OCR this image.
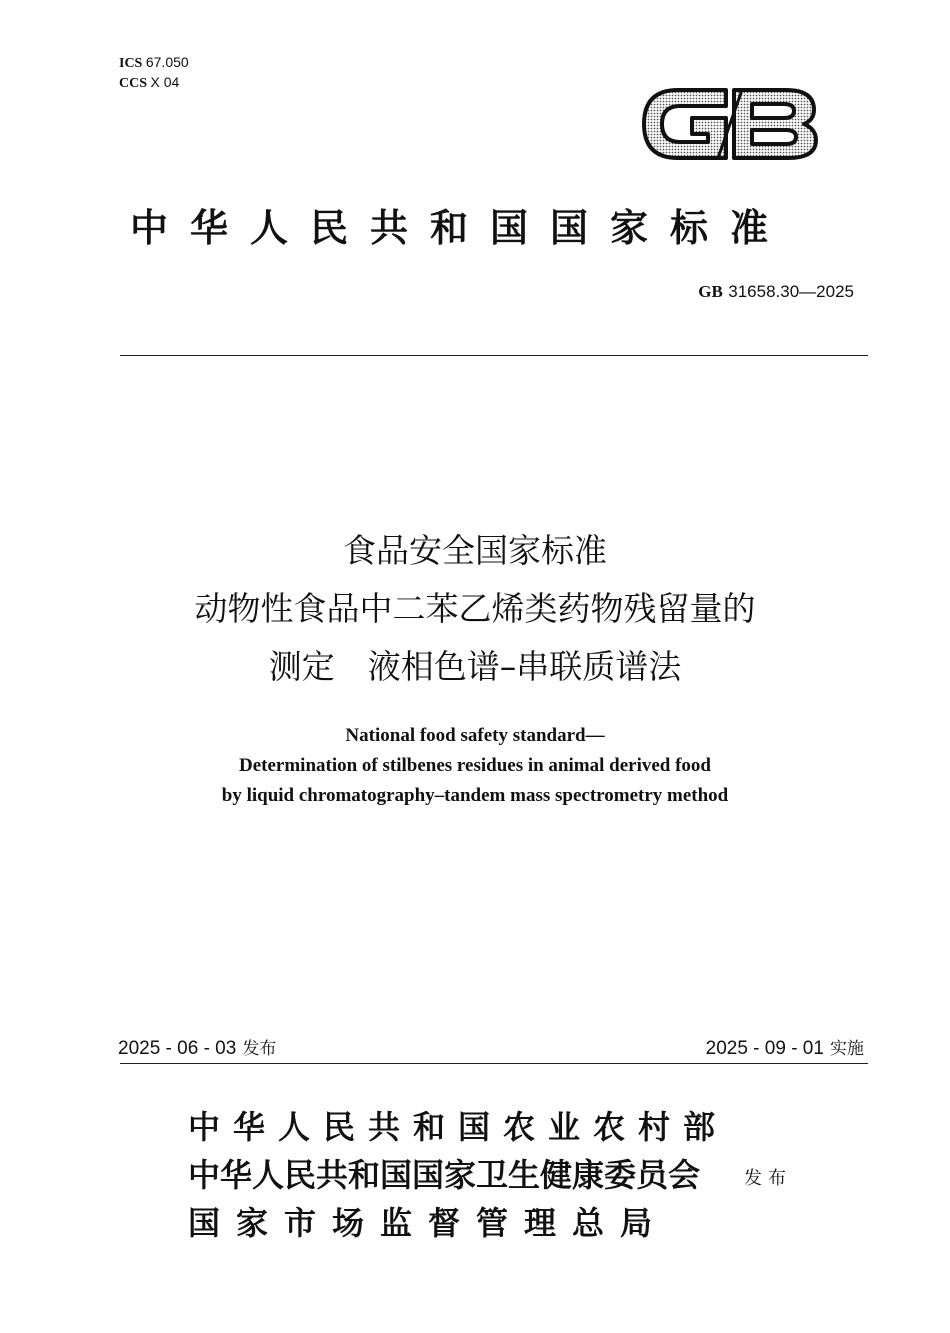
ICS 67.050
CCS X 04
中华人民共和国国家标准
GB 31658.30—2025
食品安全国家标准
动物性食品中二苯乙烯类药物残留量的
测定　液相色谱–串联质谱法
National food safety standard—
Determination of stilbenes residues in animal derived food
by liquid chromatography–tandem mass spectrometry method
2025 - 06 - 03 发布	2025 - 09 - 01 实施
中华人民共和国农业农村部
中华人民共和国国家卫生健康委员会
国家市场监督管理总局
发布
